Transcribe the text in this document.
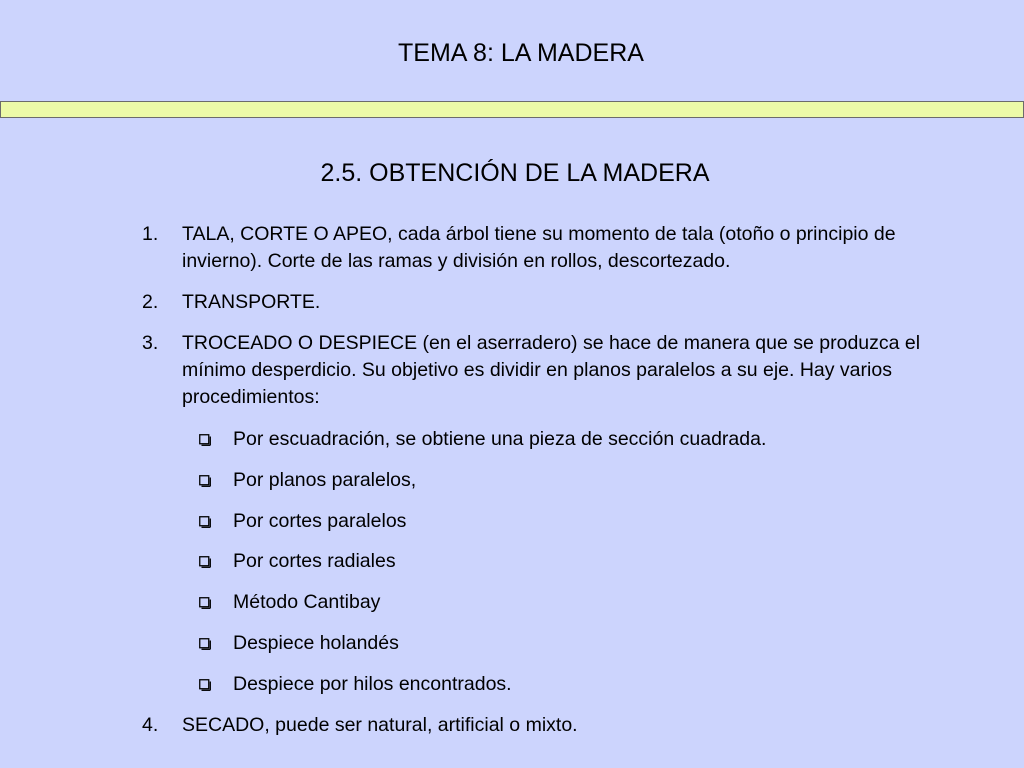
TEMA 8: LA MADERA
2.5. OBTENCIÓN DE LA MADERA
1. TALA, CORTE O APEO, cada árbol tiene su momento de tala (otoño o principio de invierno). Corte de las ramas y división en rollos, descortezado.
2. TRANSPORTE.
3. TROCEADO O DESPIECE (en el aserradero) se hace de manera que se produzca el mínimo desperdicio. Su objetivo es dividir en planos paralelos a su eje. Hay varios procedimientos:
Por escuadración, se obtiene una pieza de sección cuadrada.
Por planos paralelos,
Por cortes paralelos
Por cortes radiales
Método Cantibay
Despiece holandés
Despiece por hilos encontrados.
4. SECADO, puede ser natural, artificial o mixto.
